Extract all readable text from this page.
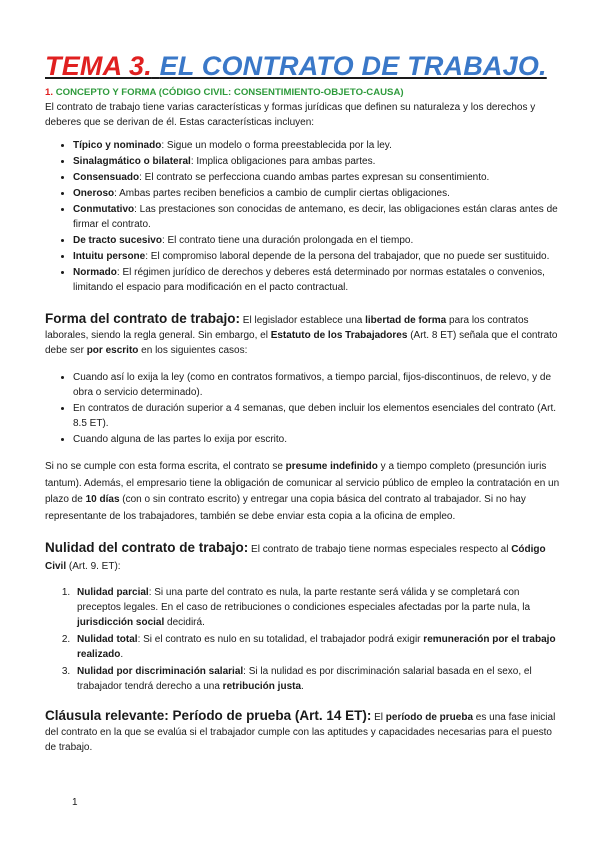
TEMA 3. EL CONTRATO DE TRABAJO.
1. CONCEPTO Y FORMA (CÓDIGO CIVIL: CONSENTIMIENTO-OBJETO-CAUSA)

El contrato de trabajo tiene varias características y formas jurídicas que definen su naturaleza y los derechos y deberes que se derivan de él. Estas características incluyen:

• Típico y nominado: Sigue un modelo o forma preestablecida por la ley.
• Sinalagmático o bilateral: Implica obligaciones para ambas partes.
• Consensuado: El contrato se perfecciona cuando ambas partes expresan su consentimiento.
• Oneroso: Ambas partes reciben beneficios a cambio de cumplir ciertas obligaciones.
• Conmutativo: Las prestaciones son conocidas de antemano, es decir, las obligaciones están claras antes de firmar el contrato.
• De tracto sucesivo: El contrato tiene una duración prolongada en el tiempo.
• Intuitu persone: El compromiso laboral depende de la persona del trabajador, que no puede ser sustituido.
• Normado: El régimen jurídico de derechos y deberes está determinado por normas estatales o convenios, limitando el espacio para modificación en el pacto contractual.

Forma del contrato de trabajo: El legislador establece una libertad de forma para los contratos laborales, siendo la regla general. Sin embargo, el Estatuto de los Trabajadores (Art. 8 ET) señala que el contrato debe ser por escrito en los siguientes casos:

• Cuando así lo exija la ley (como en contratos formativos, a tiempo parcial, fijos-discontinuos, de relevo, y de obra o servicio determinado).
• En contratos de duración superior a 4 semanas, que deben incluir los elementos esenciales del contrato (Art. 8.5 ET).
• Cuando alguna de las partes lo exija por escrito.

Si no se cumple con esta forma escrita, el contrato se presume indefinido y a tiempo completo (presunción iuris tantum). Además, el empresario tiene la obligación de comunicar al servicio público de empleo la contratación en un plazo de 10 días (con o sin contrato escrito) y entregar una copia básica del contrato al trabajador. Si no hay representante de los trabajadores, también se debe enviar esta copia a la oficina de empleo.

Nulidad del contrato de trabajo: El contrato de trabajo tiene normas especiales respecto al Código Civil (Art. 9. ET):

1. Nulidad parcial: Si una parte del contrato es nula, la parte restante será válida y se completará con preceptos legales. En el caso de retribuciones o condiciones especiales afectadas por la parte nula, la jurisdicción social decidirá.
2. Nulidad total: Si el contrato es nulo en su totalidad, el trabajador podrá exigir remuneración por el trabajo realizado.
3. Nulidad por discriminación salarial: Si la nulidad es por discriminación salarial basada en el sexo, el trabajador tendrá derecho a una retribución justa.

Cláusula relevante: Período de prueba (Art. 14 ET): El período de prueba es una fase inicial del contrato en la que se evalúa si el trabajador cumple con las aptitudes y capacidades necesarias para el puesto de trabajo.

1
